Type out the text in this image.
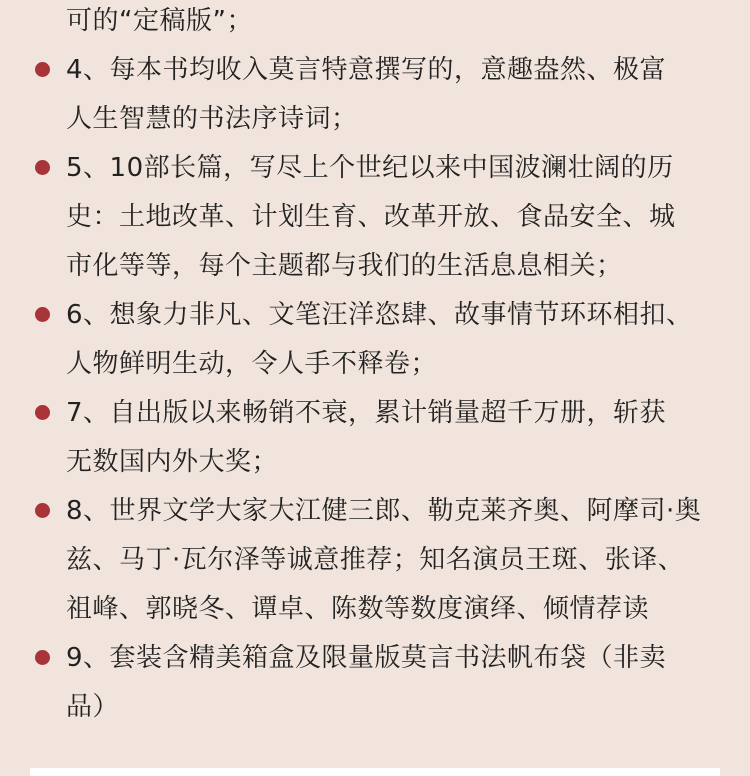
可的“定稿版”；
4、每本书均收入莫言特意撰写的，意趣盎然、极富
人生智慧的书法序诗词；
5、10部长篇，写尽上个世纪以来中国波澜壮阔的历
史：土地改革、计划生育、改革开放、食品安全、城
市化等等，每个主题都与我们的生活息息相关；
6、想象力非凡、文笔汪洋恣肆、故事情节环环相扣、
人物鲜明生动，令人手不释卷；
7、自出版以来畅销不衰，累计销量超千万册，斩获
无数国内外大奖；
8、世界文学大家大江健三郎、勒克莱齐奥、阿摩司·奥
兹、马丁·瓦尔泽等诚意推荐；知名演员王斑、张译、
祖峰、郭晓冬、谭卓、陈数等数度演绎、倾情荐读
9、套装含精美箱盒及限量版莫言书法帆布袋（非卖
品）
